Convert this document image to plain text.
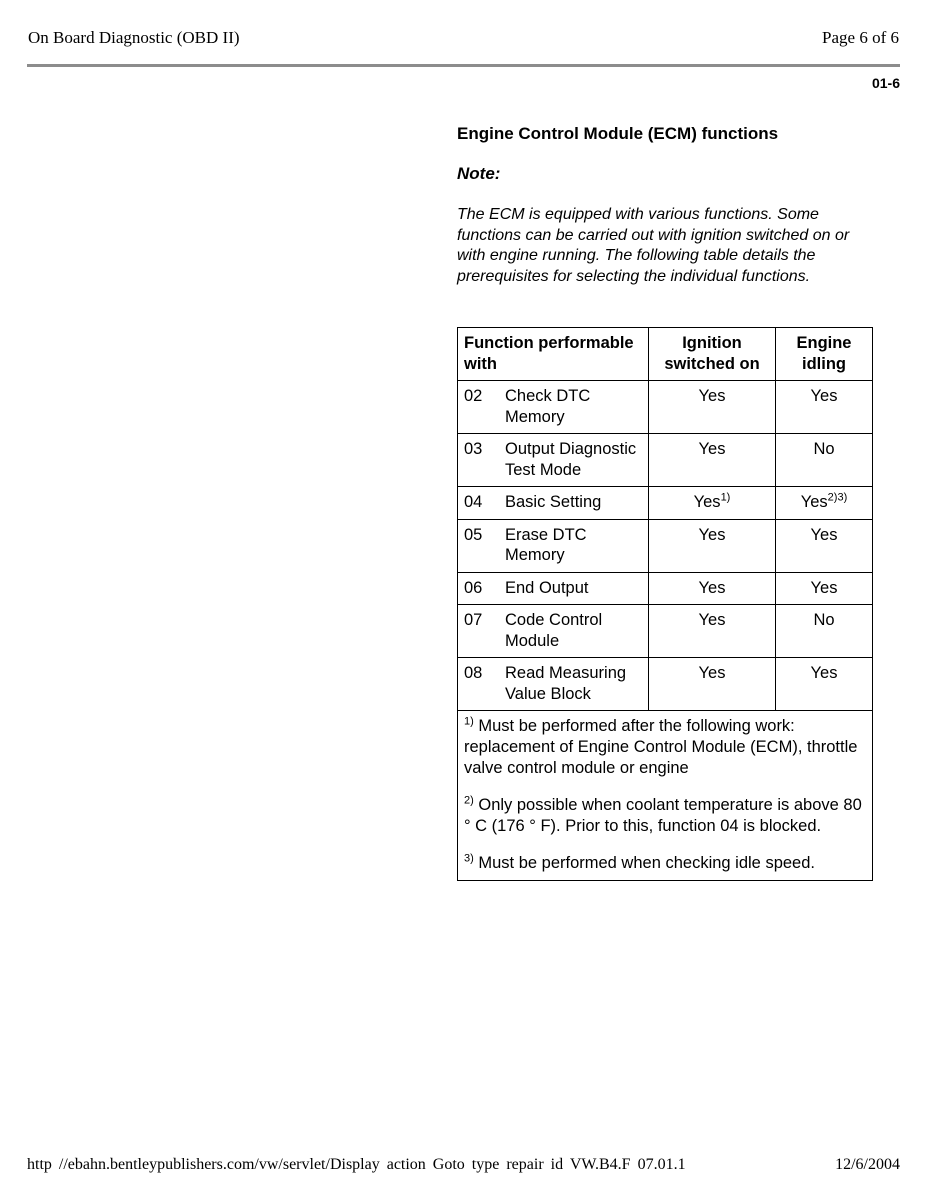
On Board Diagnostic (OBD II)	Page 6 of 6
01-6
Engine Control Module (ECM) functions
Note:
The ECM is equipped with various functions. Some functions can be carried out with ignition switched on or with engine running. The following table details the prerequisites for selecting the individual functions.
Function performable with	Ignition switched on	Engine idling
02 Check DTC Memory	Yes	Yes
03 Output Diagnostic Test Mode	Yes	No
04 Basic Setting	Yes$^{1)}$	Yes$^{2)3)}$
05 Erase DTC Memory	Yes	Yes
06 End Output	Yes	Yes
07 Code Control Module	Yes	No
08 Read Measuring Value Block	Yes	Yes

$^{1)}$ Must be performed after the following work: replacement of Engine Control Module (ECM), throttle valve control module or engine
$^{2)}$ Only possible when coolant temperature is above 80 ° C (176 ° F). Prior to this, function 04 is blocked.
$^{3)}$ Must be performed when checking idle speed.		
http //ebahn.bentleypublishers.com/vw/servlet/Display action Goto type repair id VW.B4.F 07.01.1	12/6/2004
